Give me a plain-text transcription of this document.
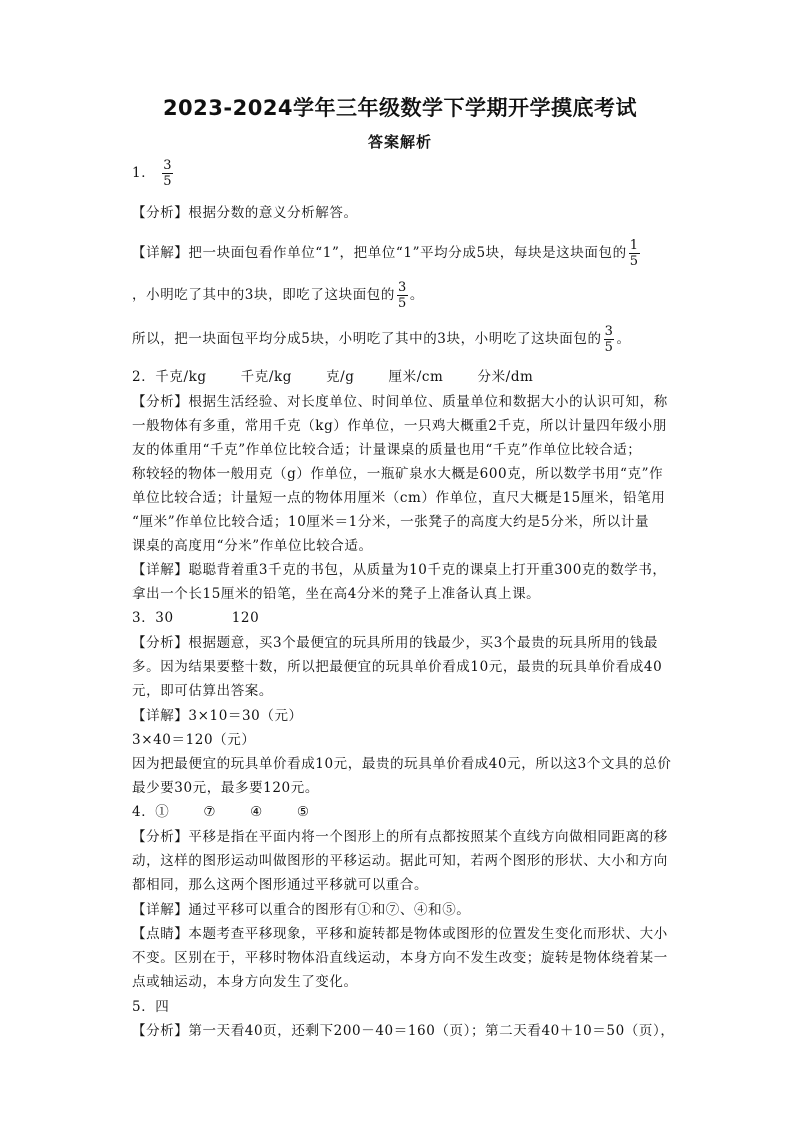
2023-2024学年三年级数学下学期开学摸底考试
答案解析
1． $\frac{3}{5}$
【分析】根据分数的意义分析解答。
【详解】把一块面包看作单位“1”，把单位“1”平均分成5块，每块是这块面包的 $\frac{1}{5}$
，小明吃了其中的3块，即吃了这块面包的 $\frac{3}{5}$ 。
所以，把一块面包平均分成5块，小明吃了其中的3块，小明吃了这块面包的 $\frac{3}{5}$ 。
2．千克/kg	千克/kg	克/g	厘米/cm	分米/dm
【分析】根据生活经验、对长度单位、时间单位、质量单位和数据大小的认识可知，称
一般物体有多重，常用千克（kg）作单位，一只鸡大概重2千克，所以计量四年级小朋
友的体重用“千克”作单位比较合适；计量课桌的质量也用“千克”作单位比较合适；
称较轻的物体一般用克（g）作单位，一瓶矿泉水大概是600克，所以数学书用“克”作
单位比较合适；计量短一点的物体用厘米（cm）作单位，直尺大概是15厘米，铅笔用
“厘米”作单位比较合适；10厘米＝1分米，一张凳子的高度大约是5分米，所以计量
课桌的高度用“分米”作单位比较合适。
【详解】聪聪背着重3千克的书包，从质量为10千克的课桌上打开重300克的数学书，
拿出一个长15厘米的铅笔，坐在高4分米的凳子上准备认真上课。
3．30	120
【分析】根据题意，买3个最便宜的玩具所用的钱最少，买3个最贵的玩具所用的钱最
多。因为结果要整十数，所以把最便宜的玩具单价看成10元，最贵的玩具单价看成40
元，即可估算出答案。
【详解】3×10＝30（元）
3×40＝120（元）
因为把最便宜的玩具单价看成10元，最贵的玩具单价看成40元，所以这3个文具的总价
最少要30元，最多要120元。
4．①	⑦	④	⑤
【分析】平移是指在平面内将一个图形上的所有点都按照某个直线方向做相同距离的移
动，这样的图形运动叫做图形的平移运动。据此可知，若两个图形的形状、大小和方向
都相同，那么这两个图形通过平移就可以重合。
【详解】通过平移可以重合的图形有①和⑦、④和⑤。
【点睛】本题考查平移现象，平移和旋转都是物体或图形的位置发生变化而形状、大小
不变。区别在于，平移时物体沿直线运动，本身方向不发生改变；旋转是物体绕着某一
点或轴运动，本身方向发生了变化。
5．四
【分析】第一天看40页，还剩下200－40＝160（页）；第二天看40＋10＝50（页），
